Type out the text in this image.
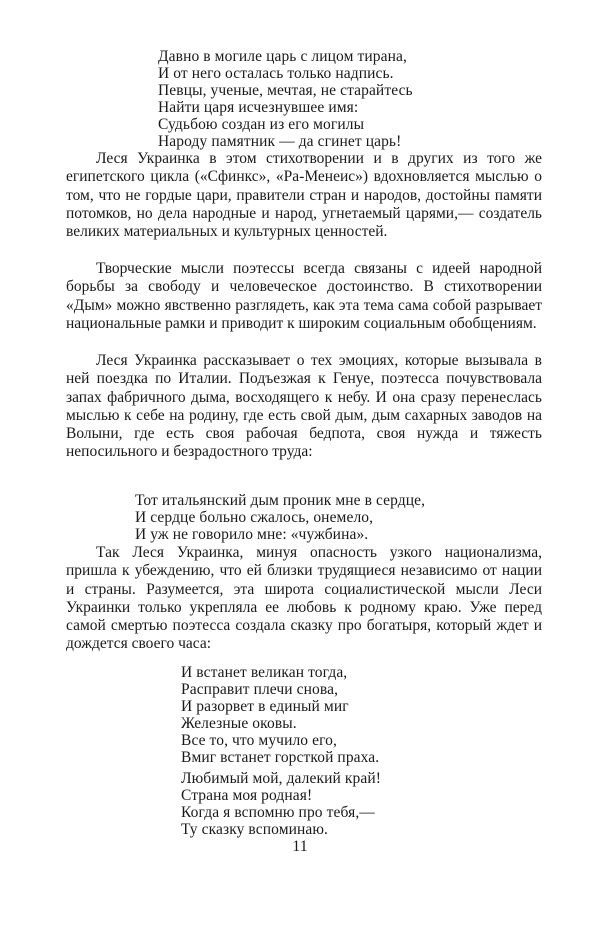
Давно в могиле царь с лицом тирана,
И от него осталась только надпись.
Певцы, ученые, мечтая, не старайтесь
Найти царя исчезнувшее имя:
Судьбою создан из его могилы
Народу памятник — да сгинет царь!

Леся Украинка в этом стихотворении и в других из того же египетского цикла («Сфинкс», «Ра-Менеис») вдохновляется мыслью о том, что не гордые цари, правители стран и народов, достойны памяти потомков, но дела народные и народ, угнетаемый царями,— создатель великих материальных и культурных ценностей.

Творческие мысли поэтессы всегда связаны с идеей народной борьбы за свободу и человеческое достоинство. В стихотворении «Дым» можно явственно разглядеть, как эта тема сама собой разрывает национальные рамки и приводит к широким социальным обобщениям.

Леся Украинка рассказывает о тех эмоциях, которые вызывала в ней поездка по Италии. Подъезжая к Генуе, поэтесса почувствовала запах фабричного дыма, восходящего к небу. И она сразу перенеслась мыслью к себе на родину, где есть свой дым, дым сахарных заводов на Волыни, где есть своя рабочая бедпота, своя нужда и тяжесть непосильного и безрадостного труда:

Тот итальянский дым проник мне в сердце,
И сердце больно сжалось, онемело,
И уж не говорило мне: «чужбина».

Так Леся Украинка, минуя опасность узкого национализма, пришла к убеждению, что ей близки трудящиеся независимо от нации и страны. Разумеется, эта широта социалистической мысли Леси Украинки только укрепляла ее любовь к родному краю. Уже перед самой смертью поэтесса создала сказку про богатыря, который ждет и дождется своего часа:

И встанет великан тогда,
Расправит плечи снова,
И разорвет в единый миг
Железные оковы.
Все то, что мучило его,
Вмиг встанет горсткой праха.
Любимый мой, далекий край!
Страна моя родная!
Когда я вспомню про тебя,—
Ту сказку вспоминаю.
11
